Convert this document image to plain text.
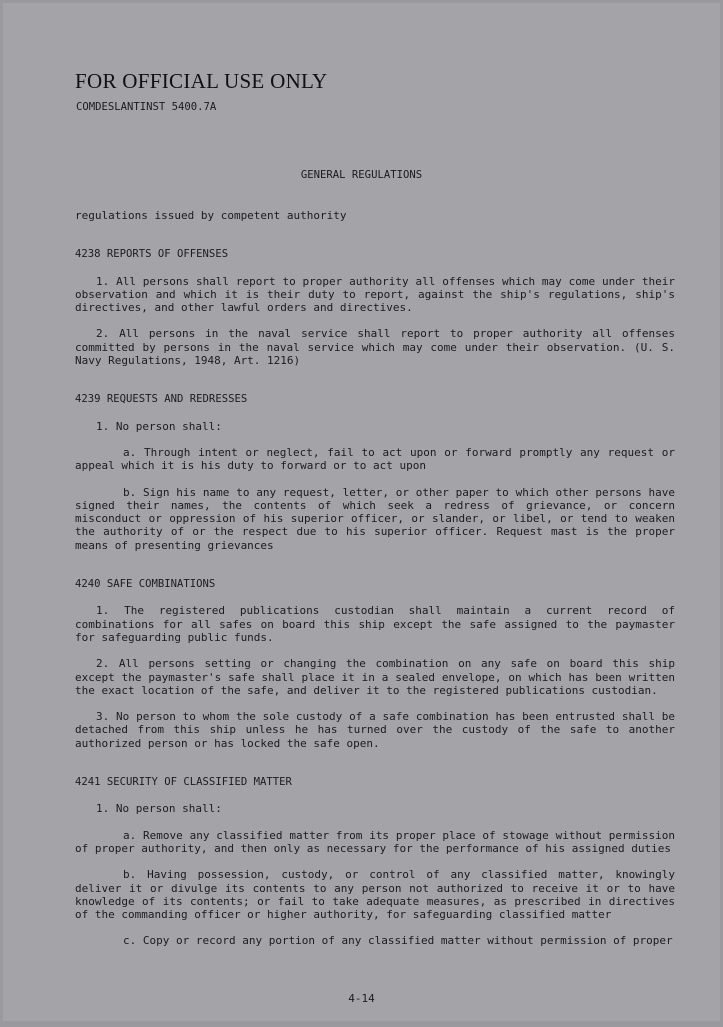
FOR OFFICIAL USE ONLY
COMDESLANTINST 5400.7A
GENERAL REGULATIONS

regulations issued by competent authority

4238 REPORTS OF OFFENSES

1. All persons shall report to proper authority all offenses which may come under their observation and which it is their duty to report, against the ship's regulations, ship's directives, and other lawful orders and directives.

2. All persons in the naval service shall report to proper authority all offenses committed by persons in the naval service which may come under their observation. (U. S. Navy Regulations, 1948, Art. 1216)

4239 REQUESTS AND REDRESSES

1. No person shall:

a. Through intent or neglect, fail to act upon or forward promptly any request or appeal which it is his duty to forward or to act upon

b. Sign his name to any request, letter, or other paper to which other persons have signed their names, the contents of which seek a redress of grievance, or concern misconduct or oppression of his superior officer, or slander, or libel, or tend to weaken the authority of or the respect due to his superior officer. Request mast is the proper means of presenting grievances

4240 SAFE COMBINATIONS

1. The registered publications custodian shall maintain a current record of combinations for all safes on board this ship except the safe assigned to the paymaster for safeguarding public funds.

2. All persons setting or changing the combination on any safe on board this ship except the paymaster's safe shall place it in a sealed envelope, on which has been written the exact location of the safe, and deliver it to the registered publications custodian.

3. No person to whom the sole custody of a safe combination has been entrusted shall be detached from this ship unless he has turned over the custody of the safe to another authorized person or has locked the safe open.

4241 SECURITY OF CLASSIFIED MATTER

1. No person shall:

a. Remove any classified matter from its proper place of stowage without permission of proper authority, and then only as necessary for the performance of his assigned duties

b. Having possession, custody, or control of any classified matter, knowingly deliver it or divulge its contents to any person not authorized to receive it or to have knowledge of its contents; or fail to take adequate measures, as prescribed in directives of the commanding officer or higher authority, for safeguarding classified matter

c. Copy or record any portion of any classified matter without permission of proper

4-14
